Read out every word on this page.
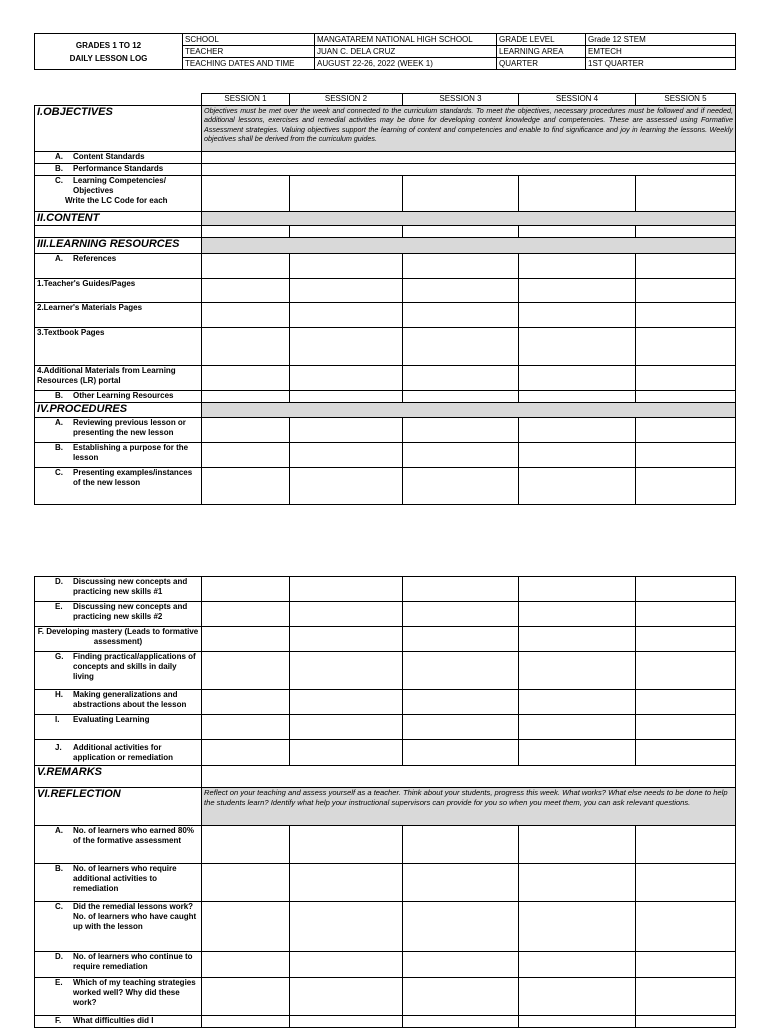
GRADES 1 TO 12
DAILY LESSON LOG	SCHOOL	MANGATAREM NATIONAL HIGH SCHOOL	GRADE LEVEL	Grade 12 STEM
	TEACHER	JUAN C. DELA CRUZ	LEARNING AREA	EMTECH
	TEACHING DATES AND TIME	AUGUST 22-26, 2022 (WEEK 1)	QUARTER	1ST QUARTER
	SESSION 1	SESSION 2	SESSION 3	SESSION 4	SESSION 5
I.OBJECTIVES	Objectives must be met over the week and connected to the curriculum standards. To meet the objectives, necessary procedures must be followed and if needed, additional lessons, exercises and remedial activities may be done for developing content knowledge and competencies. These are assessed using Formative Assessment strategies. Valuing objectives support the learning of content and competencies and enable to find significance and joy in learning the lessons. Weekly objectives shall be derived from the curriculum guides.				

A. Content Standards					

B. Performance Standards					

C. Learning Competencies/ Objectives
Write the LC Code for each					

II.CONTENT					

III.LEARNING RESOURCES					

A. References					

1.Teacher's Guides/Pages					
2.Learner's Materials Pages					
3.Textbook Pages					
4.Additional Materials from Learning Resources (LR) portal					

B. Other Learning Resources					

IV.PROCEDURES					

A. Reviewing previous lesson or presenting the new lesson					

B. Establishing a purpose for the lesson					

C. Presenting examples/instances of the new lesson					

D. Discussing new concepts and practicing new skills #1					

E. Discussing new concepts and practicing new skills #2					

F. Developing mastery (Leads to formative assessment)					

G. Finding practical/applications of concepts and skills in daily living					

H. Making generalizations and abstractions about the lesson					

I. Evaluating Learning					

J. Additional activities for application or remediation					

V.REMARKS					
VI.REFLECTION	Reflect on your teaching and assess yourself as a teacher. Think about your students, progress this week. What works? What else needs to be done to help the students learn? Identify what help your instructional supervisors can provide for you so when you meet them, you can ask relevant questions.				

A. No. of learners who earned 80% of the formative assessment					

B. No. of learners who require additional activities to remediation					

C. Did the remedial lessons work? No. of learners who have caught up with the lesson					

D. No. of learners who continue to require remediation					

E. Which of my teaching strategies worked well? Why did these work?					

F. What difficulties did I					
